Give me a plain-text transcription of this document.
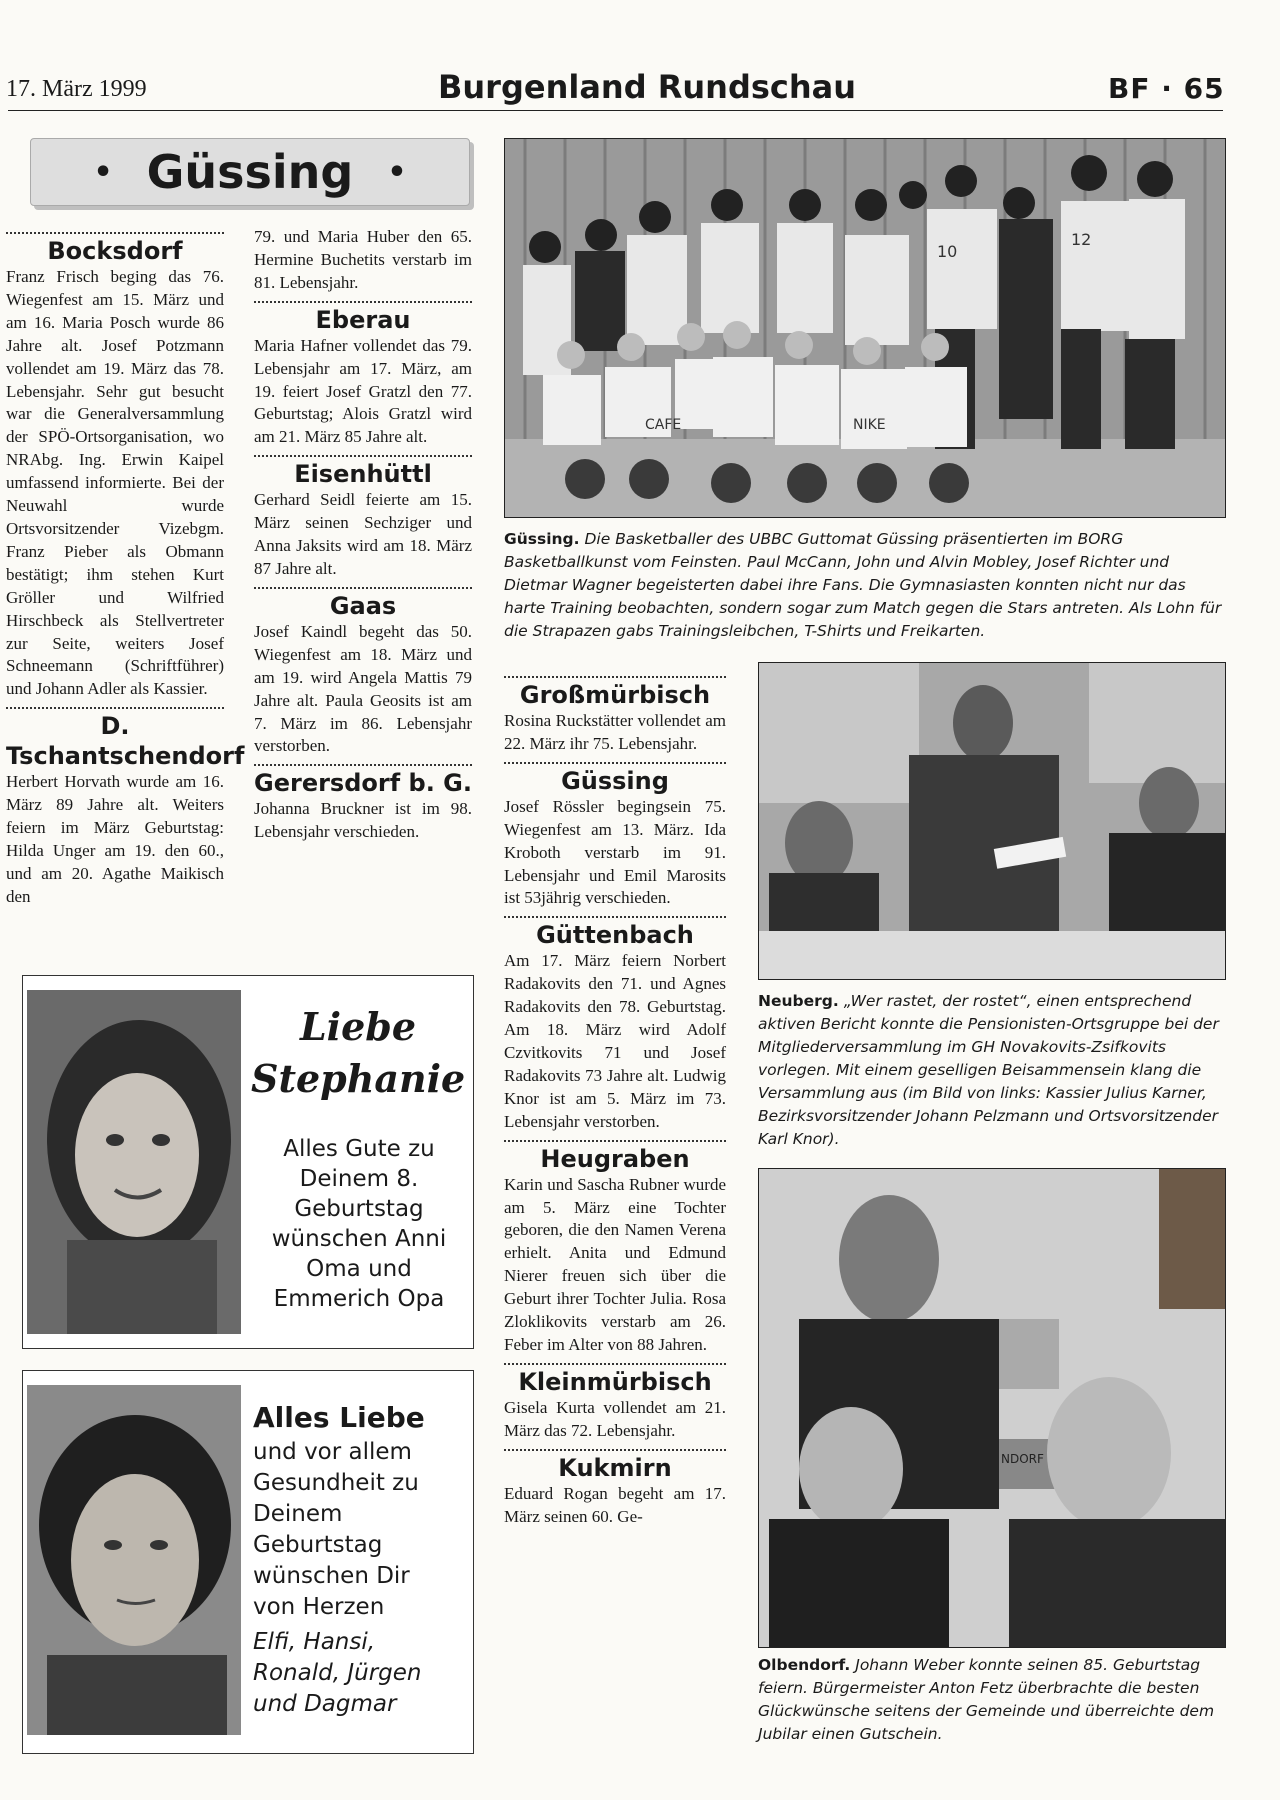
17. März 1999	Burgenland Rundschau	BF · 65
• Güssing •
Bocksdorf

Franz Frisch beging das 76. Wiegenfest am 15. März und am 16. Maria Posch wurde 86 Jahre alt. Josef Potzmann vollendet am 19. März das 78. Lebensjahr. Sehr gut besucht war die Generalversammlung der SPÖ-Ortsorganisation, wo NRAbg. Ing. Erwin Kaipel umfassend informierte. Bei der Neuwahl wurde Ortsvorsitzender Vizebgm. Franz Pieber als Obmann bestätigt; ihm stehen Kurt Gröller und Wilfried Hirschbeck als Stellvertreter zur Seite, weiters Josef Schneemann (Schriftführer) und Johann Adler als Kassier.

D. Tschantschendorf

Herbert Horvath wurde am 16. März 89 Jahre alt. Weiters feiern im März Geburtstag: Hilda Unger am 19. den 60., und am 20. Agathe Maikisch den

79. und Maria Huber den 65. Hermine Buchetits verstarb im 81. Lebensjahr.

Eberau

Maria Hafner vollendet das 79. Lebensjahr am 17. März, am 19. feiert Josef Gratzl den 77. Geburtstag; Alois Gratzl wird am 21. März 85 Jahre alt.

Eisenhüttl

Gerhard Seidl feierte am 15. März seinen Sechziger und Anna Jaksits wird am 18. März 87 Jahre alt.

Gaas

Josef Kaindl begeht das 50. Wiegenfest am 18. März und am 19. wird Angela Mattis 79 Jahre alt. Paula Geosits ist am 7. März im 86. Lebensjahr verstorben.

Gerersdorf b. G.

Johanna Bruckner ist im 98. Lebensjahr verschieden.

Liebe
Stephanie
Alles Gute zu Deinem 8. Geburtstag wünschen Anni Oma und Emmerich Opa
Alles Liebe
und vor allem Gesundheit zu Deinem Geburtstag wünschen Dir von Herzen
Elfi, Hansi, Ronald, Jürgen und Dagmar
CAFE	NIKE
10
12
Güssing. Die Basketballer des UBBC Guttomat Güssing präsentierten im BORG Basketballkunst vom Feinsten. Paul McCann, John und Alvin Mobley, Josef Richter und Dietmar Wagner begeisterten dabei ihre Fans. Die Gymnasiasten konnten nicht nur das harte Training beobachten, sondern sogar zum Match gegen die Stars antreten. Als Lohn für die Strapazen gabs Trainingsleibchen, T-Shirts und Freikarten.
Großmürbisch

Rosina Ruckstätter vollendet am 22. März ihr 75. Lebensjahr.

Güssing

Josef Rössler begingsein 75. Wiegenfest am 13. März. Ida Kroboth verstarb im 91. Lebensjahr und Emil Marosits ist 53jährig verschieden.

Güttenbach

Am 17. März feiern Norbert Radakovits den 71. und Agnes Radakovits den 78. Geburtstag. Am 18. März wird Adolf Czvitkovits 71 und Josef Radakovits 73 Jahre alt. Ludwig Knor ist am 5. März im 73. Lebensjahr verstorben.

Heugraben

Karin und Sascha Rubner wurde am 5. März eine Tochter geboren, die den Namen Verena erhielt. Anita und Edmund Nierer freuen sich über die Geburt ihrer Tochter Julia. Rosa Zloklikovits verstarb am 26. Feber im Alter von 88 Jahren.

Kleinmürbisch

Gisela Kurta vollendet am 21. März das 72. Lebensjahr.

Kukmirn

Eduard Rogan begeht am 17. März seinen 60. Ge-

Neuberg. „Wer rastet, der rostet“, einen entsprechend aktiven Bericht konnte die Pensionisten-Ortsgruppe bei der Mitgliederversammlung im GH Novakovits-Zsifkovits vorlegen. Mit einem geselligen Beisammensein klang die Versammlung aus (im Bild von links: Kassier Julius Karner, Bezirksvorsitzender Johann Pelzmann und Ortsvorsitzender Karl Knor).
NDORF
Olbendorf. Johann Weber konnte seinen 85. Geburtstag feiern. Bürgermeister Anton Fetz überbrachte die besten Glückwünsche seitens der Gemeinde und überreichte dem Jubilar einen Gutschein.
